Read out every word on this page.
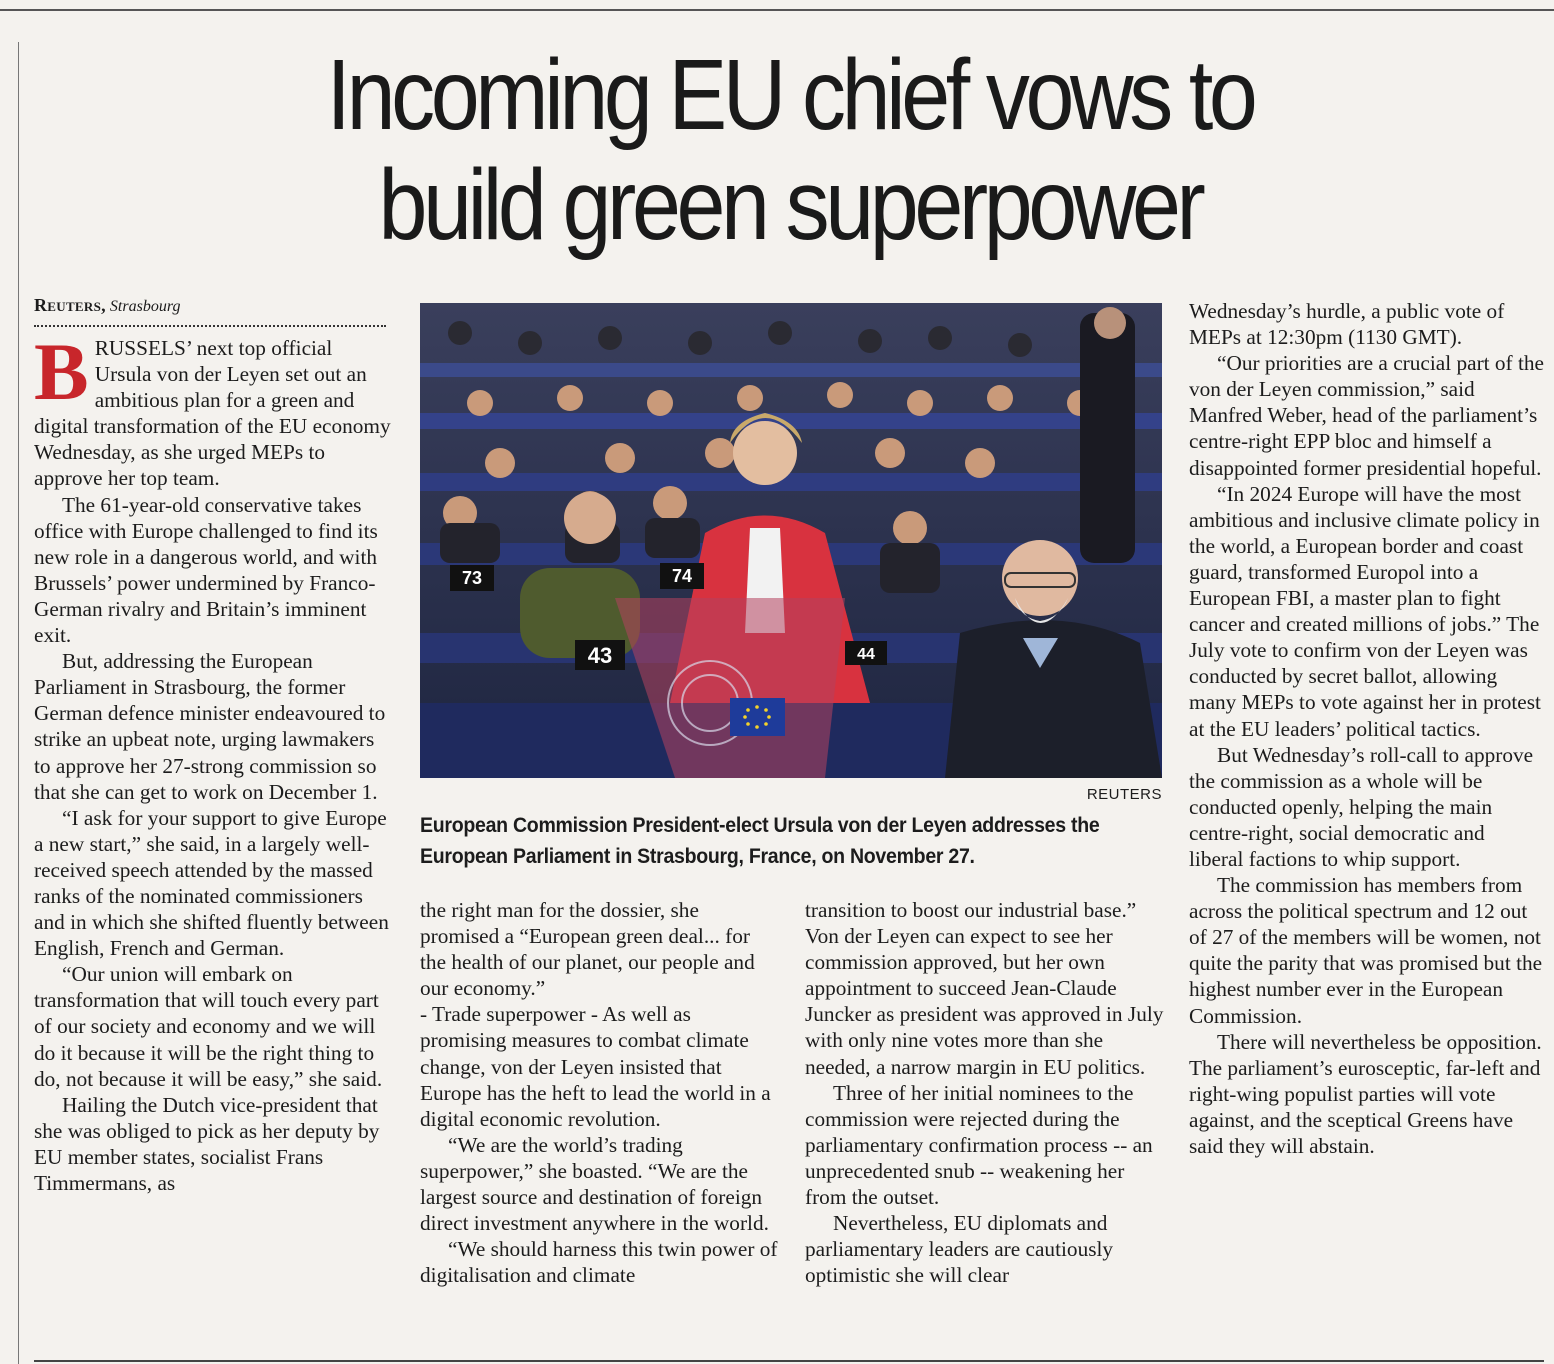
Incoming EU chief vows to
build green superpower
Reuters, Strasbourg

BRUSSELS’ next top official Ursula von der Leyen set out an ambitious plan for a green and digital transformation of the EU economy Wednesday, as she urged MEPs to approve her top team.

The 61-year-old conservative takes office with Europe challenged to find its new role in a dangerous world, and with Brussels’ power undermined by Franco-German rivalry and Britain’s imminent exit.

But, addressing the European Parliament in Strasbourg, the former German defence minister endeavoured to strike an upbeat note, urging lawmakers to approve her 27-strong commission so that she can get to work on December 1.

“I ask for your support to give Europe a new start,” she said, in a largely well-received speech attended by the massed ranks of the nominated commissioners and in which she shifted fluently between English, French and German.

“Our union will embark on transformation that will touch every part of our society and economy and we will do it because it will be the right thing to do, not because it will be easy,” she said.

Hailing the Dutch vice-president that she was obliged to pick as her deputy by EU member states, socialist Frans Timmermans, as

73	74
43	44
REUTERS
European Commission President-elect Ursula von der Leyen addresses the European Parliament in Strasbourg, France, on November 27.

the right man for the dossier, she promised a “European green deal... for the health of our planet, our people and our economy.”

- Trade superpower - As well as promising measures to combat climate change, von der Leyen insisted that Europe has the heft to lead the world in a digital economic revolution.

“We are the world’s trading superpower,” she boasted. “We are the largest source and destination of foreign direct investment anywhere in the world.

“We should harness this twin power of digitalisation and climate

transition to boost our industrial base.” Von der Leyen can expect to see her commission approved, but her own appointment to succeed Jean-Claude Juncker as president was approved in July with only nine votes more than she needed, a narrow margin in EU politics.

Three of her initial nominees to the commission were rejected during the parliamentary confirmation process -- an unprecedented snub -- weakening her from the outset.

Nevertheless, EU diplomats and parliamentary leaders are cautiously optimistic she will clear

Wednesday’s hurdle, a public vote of MEPs at 12:30pm (1130 GMT).

“Our priorities are a crucial part of the von der Leyen commission,” said Manfred Weber, head of the parliament’s centre-right EPP bloc and himself a disappointed former presidential hopeful.

“In 2024 Europe will have the most ambitious and inclusive climate policy in the world, a European border and coast guard, transformed Europol into a European FBI, a master plan to fight cancer and created millions of jobs.” The July vote to confirm von der Leyen was conducted by secret ballot, allowing many MEPs to vote against her in protest at the EU leaders’ political tactics.

But Wednesday’s roll-call to approve the commission as a whole will be conducted openly, helping the main centre-right, social democratic and liberal factions to whip support.

The commission has members from across the political spectrum and 12 out of 27 of the members will be women, not quite the parity that was promised but the highest number ever in the European Commission.

There will nevertheless be opposition. The parliament’s eurosceptic, far-left and right-wing populist parties will vote against, and the sceptical Greens have said they will abstain.
